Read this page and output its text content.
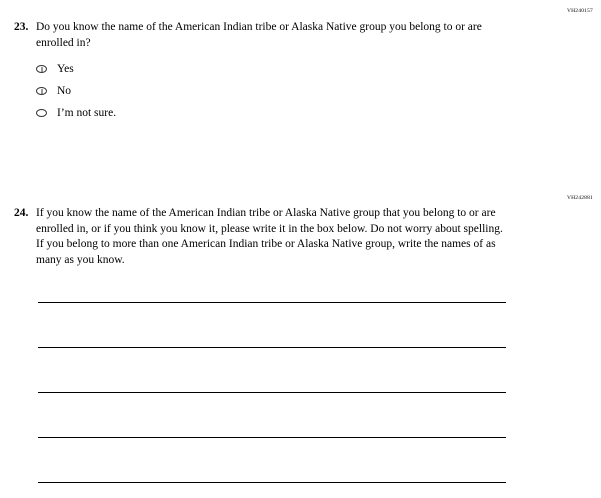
VH240157
23. Do you know the name of the American Indian tribe or Alaska Native group you belong to or are enrolled in?
Yes
No
I’m not sure.
VH242881
24. If you know the name of the American Indian tribe or Alaska Native group that you belong to or are enrolled in, or if you think you know it, please write it in the box below. Do not worry about spelling. If you belong to more than one American Indian tribe or Alaska Native group, write the names of as many as you know.
